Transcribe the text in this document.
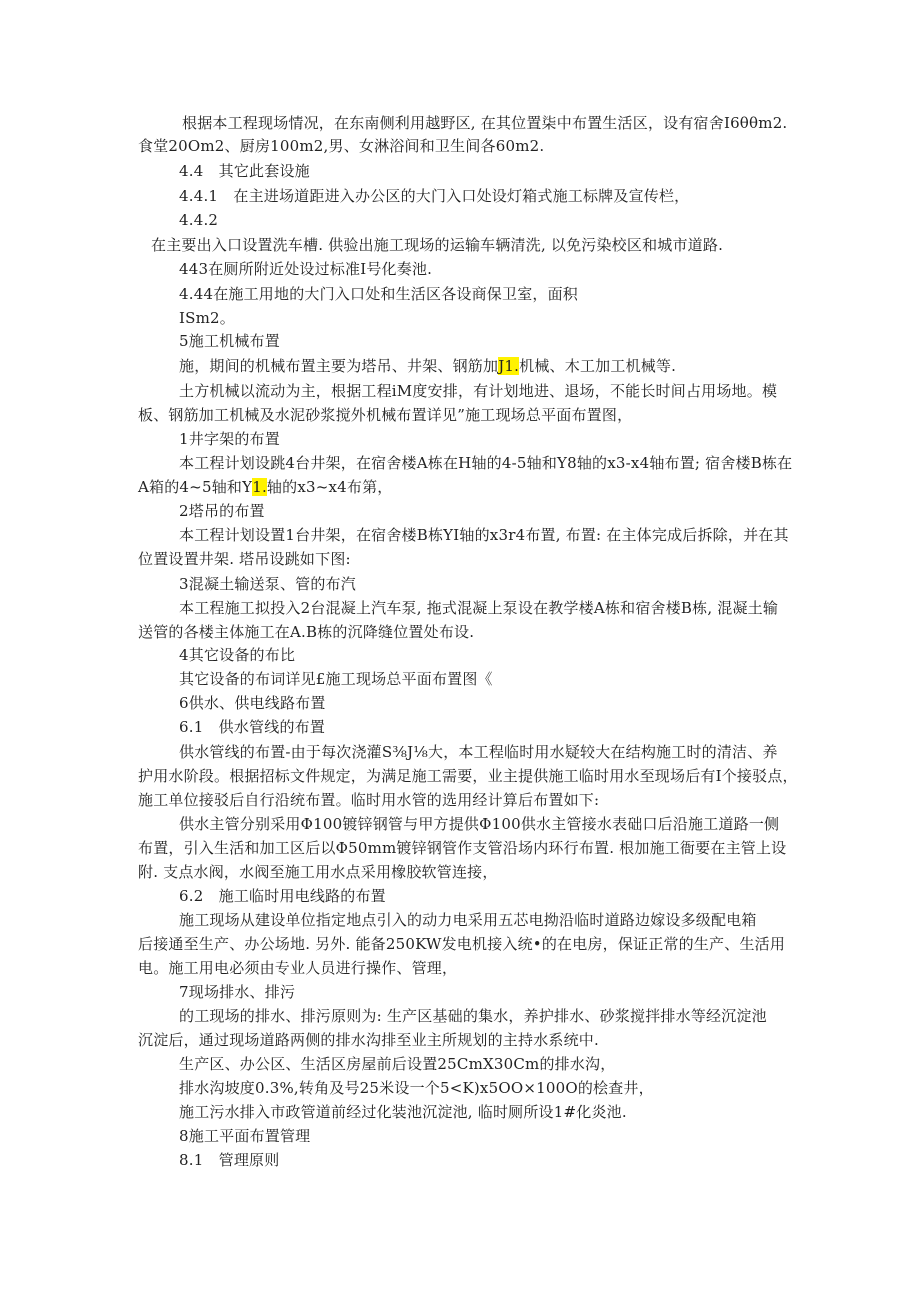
根据本工程现场情况，在东南侧利用越野区, 在其位置柒中布置生活区，设有宿舍I6θθm2.
食堂20Om2、厨房100m2,男、女淋浴间和卫生间各60m2.
4.4　其它此套设施
4.4.1　在主进场道距进入办公区的大门入口处设灯箱式施工标牌及宣传栏，
4.4.2
在主要出入口设置洗车槽. 供验出施工现场的运输车辆清洗, 以免污染校区和城市道路.
443在厕所附近处设过标准I号化奏池.
4.44在施工用地的大门入口处和生活区各设商保卫室，面积
ISm2。
5施工机械布置
施，期间的机械布置主要为塔吊、井架、钢筋加J1.机械、木工加工机械等.
土方机械以流动为主，根据工程iM度安排，有计划地进、退场，不能长时间占用场地。模
板、钢筋加工机械及水泥砂浆搅外机械布置详见”施工现场总平面布置图，
1井字架的布置
本工程计划设跳4台井架，在宿舍楼A栋在H轴的4-5轴和Y8轴的x3-x4轴布置; 宿舍楼B栋在
A箱的4~5轴和Y1.轴的x3~x4布第，
2塔吊的布置
本工程计划设置1台井架，在宿舍楼B栋YI轴的x3r4布置, 布置: 在主体完成后拆除，并在其
位置设置井架. 塔吊设跳如下图:
3混凝土输送泵、管的布汽
本工程施工拟投入2台混凝上汽车泵, 拖式混凝上泵设在教学楼A栋和宿舍楼B栋, 混凝土输
送管的各楼主体施工在A.B栋的沉降缝位置处布设.
4其它设备的布比
其它设备的布词详见£施工现场总平面布置图《
6供水、供电线路布置
6.1　供水管线的布置
供水管线的布置-由于每次浇灌S⅜J⅛大，本工程临时用水疑较大在结构施工时的清洁、养
护用水阶段。根据招标文件规定，为满足施工需要，业主提供施工临时用水至现场后有I个接驳点，
施工单位接驳后自行沿统布置。临时用水管的选用经计算后布置如下:
供水主管分别采用Φ100镀锌钢管与甲方提供Φ100供水主管接水表础口后沿施工道路一侧
布置，引入生活和加工区后以Φ50mm镀锌钢管作支管沿场内环行布置. 根加施工衙要在主管上设
附. 支点水阀，水阀至施工用水点采用橡胶软管连接，
6.2　施工临时用电线路的布置
施工现场从建设单位指定地点引入的动力电采用五芯电拗沿临时道路边嫁设多级配电箱
后接通至生产、办公场地. 另外. 能备250KW发电机接入统•的在电房，保证正常的生产、生活用
电。施工用电必须由专业人员进行操作、管理，
7现场排水、排污
的工现场的排水、排污原则为: 生产区基础的集水，养护排水、砂浆搅拌排水等经沉淀池
沉淀后，通过现场道路两侧的排水沟排至业主所规划的主持水系统中.
生产区、办公区、生活区房屋前后设置25CmX30Cm的排水沟，
排水沟坡度0.3%,转角及号25米设一个5<K)x5OO×100O的桧查井，
施工污水排入市政管道前经过化装池沉淀池, 临时厕所设1#化炎池.
8施工平面布置管理
8.1　管理原则
